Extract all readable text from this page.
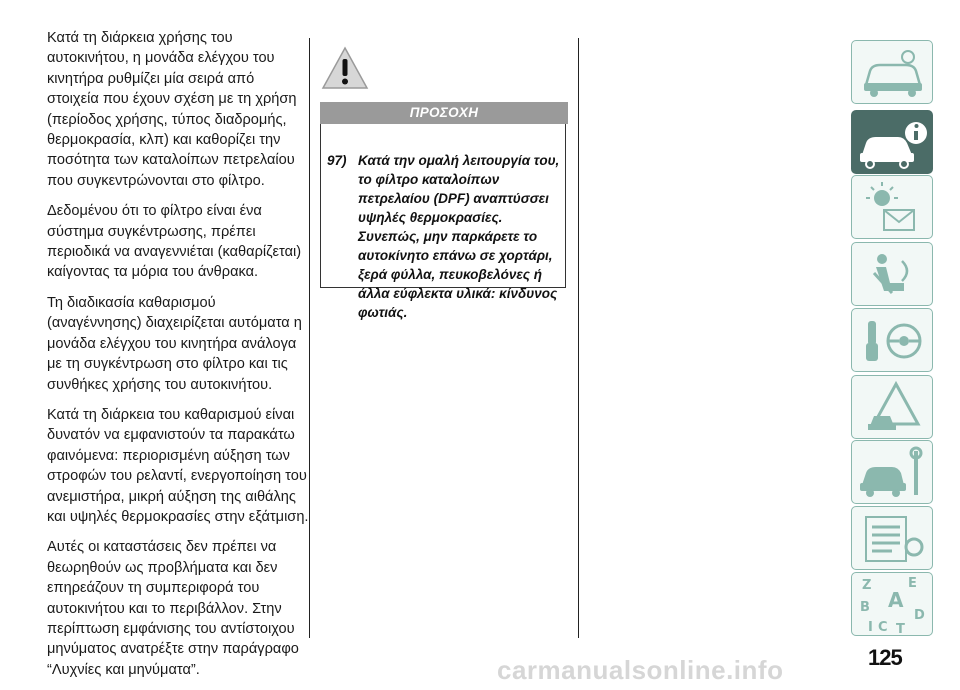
Κατά τη διάρκεια χρήσης του αυτοκινήτου, η μονάδα ελέγχου του κινητήρα ρυθμίζει μία σειρά από στοιχεία που έχουν σχέση με τη χρήση (περίοδος χρήσης, τύπος διαδρομής, θερμοκρασία, κλπ) και καθορίζει την ποσότητα των καταλοίπων πετρελαίου που συγκεντρώνονται στο φίλτρο.

Δεδομένου ότι το φίλτρο είναι ένα σύστημα συγκέντρωσης, πρέπει περιοδικά να αναγεννιέται (καθαρίζεται) καίγοντας τα μόρια του άνθρακα.

Τη διαδικασία καθαρισμού (αναγέννησης) διαχειρίζεται αυτόματα η μονάδα ελέγχου του κινητήρα ανάλογα με τη συγκέντρωση στο φίλτρο και τις συνθήκες χρήσης του αυτοκινήτου.

Κατά τη διάρκεια του καθαρισμού είναι δυνατόν να εμφανιστούν τα παρακάτω φαινόμενα: περιορισμένη αύξηση των στροφών του ρελαντί, ενεργοποίηση του ανεμιστήρα, μικρή αύξηση της αιθάλης και υψηλές θερμοκρασίες στην εξάτμιση.

Αυτές οι καταστάσεις δεν πρέπει να θεωρηθούν ως προβλήματα και δεν επηρεάζουν τη συμπεριφορά του αυτοκινήτου και το περιβάλλον. Στην περίπτωση εμφάνισης του αντίστοιχου μηνύματος ανατρέξτε στην παράγραφο “Λυχνίες και μηνύματα”.

ΠΡΟΣΟΧΗ
97) Κατά την ομαλή λειτουργία του, το φίλτρο καταλοίπων πετρελαίου (DPF) αναπτύσσει υψηλές θερμοκρασίες. Συνεπώς, μην παρκάρετε το αυτοκίνητο επάνω σε χορτάρι, ξερά φύλλα, πευκοβελόνες ή άλλα εύφλεκτα υλικά: κίνδυνος φωτιάς.
Z	E
A
B
D
I C T
125
carmanualsonline.info
